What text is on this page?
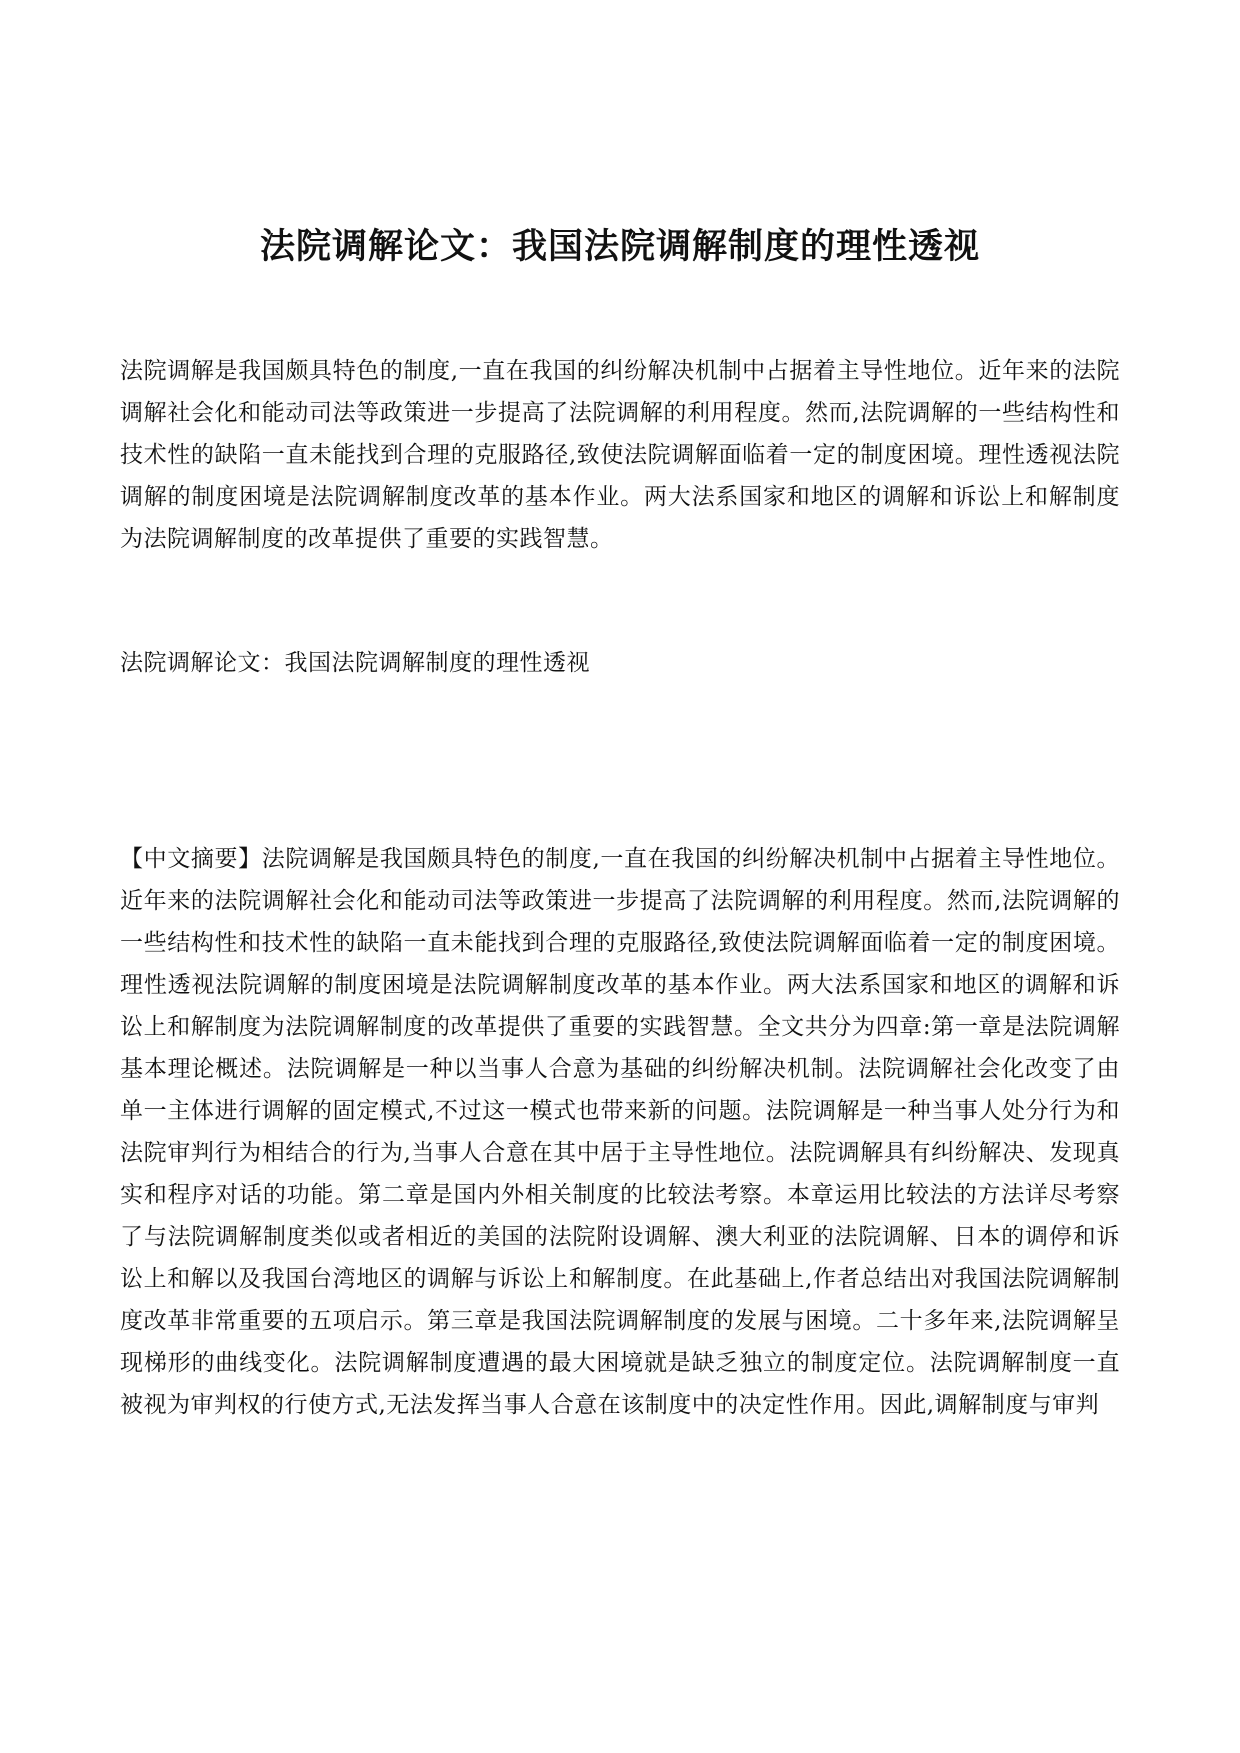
法院调解论文：我国法院调解制度的理性透视

法院调解是我国颇具特色的制度,一直在我国的纠纷解决机制中占据着主导性地位。近年来的法院调解社会化和能动司法等政策进一步提高了法院调解的利用程度。然而,法院调解的一些结构性和技术性的缺陷一直未能找到合理的克服路径,致使法院调解面临着一定的制度困境。理性透视法院调解的制度困境是法院调解制度改革的基本作业。两大法系国家和地区的调解和诉讼上和解制度为法院调解制度的改革提供了重要的实践智慧。

法院调解论文：我国法院调解制度的理性透视

【中文摘要】法院调解是我国颇具特色的制度,一直在我国的纠纷解决机制中占据着主导性地位。近年来的法院调解社会化和能动司法等政策进一步提高了法院调解的利用程度。然而,法院调解的一些结构性和技术性的缺陷一直未能找到合理的克服路径,致使法院调解面临着一定的制度困境。理性透视法院调解的制度困境是法院调解制度改革的基本作业。两大法系国家和地区的调解和诉讼上和解制度为法院调解制度的改革提供了重要的实践智慧。全文共分为四章:第一章是法院调解基本理论概述。法院调解是一种以当事人合意为基础的纠纷解决机制。法院调解社会化改变了由单一主体进行调解的固定模式,不过这一模式也带来新的问题。法院调解是一种当事人处分行为和法院审判行为相结合的行为,当事人合意在其中居于主导性地位。法院调解具有纠纷解决、发现真实和程序对话的功能。第二章是国内外相关制度的比较法考察。本章运用比较法的方法详尽考察了与法院调解制度类似或者相近的美国的法院附设调解、澳大利亚的法院调解、日本的调停和诉讼上和解以及我国台湾地区的调解与诉讼上和解制度。在此基础上,作者总结出对我国法院调解制度改革非常重要的五项启示。第三章是我国法院调解制度的发展与困境。二十多年来,法院调解呈现梯形的曲线变化。法院调解制度遭遇的最大困境就是缺乏独立的制度定位。法院调解制度一直被视为审判权的行使方式,无法发挥当事人合意在该制度中的决定性作用。因此,调解制度与审判
